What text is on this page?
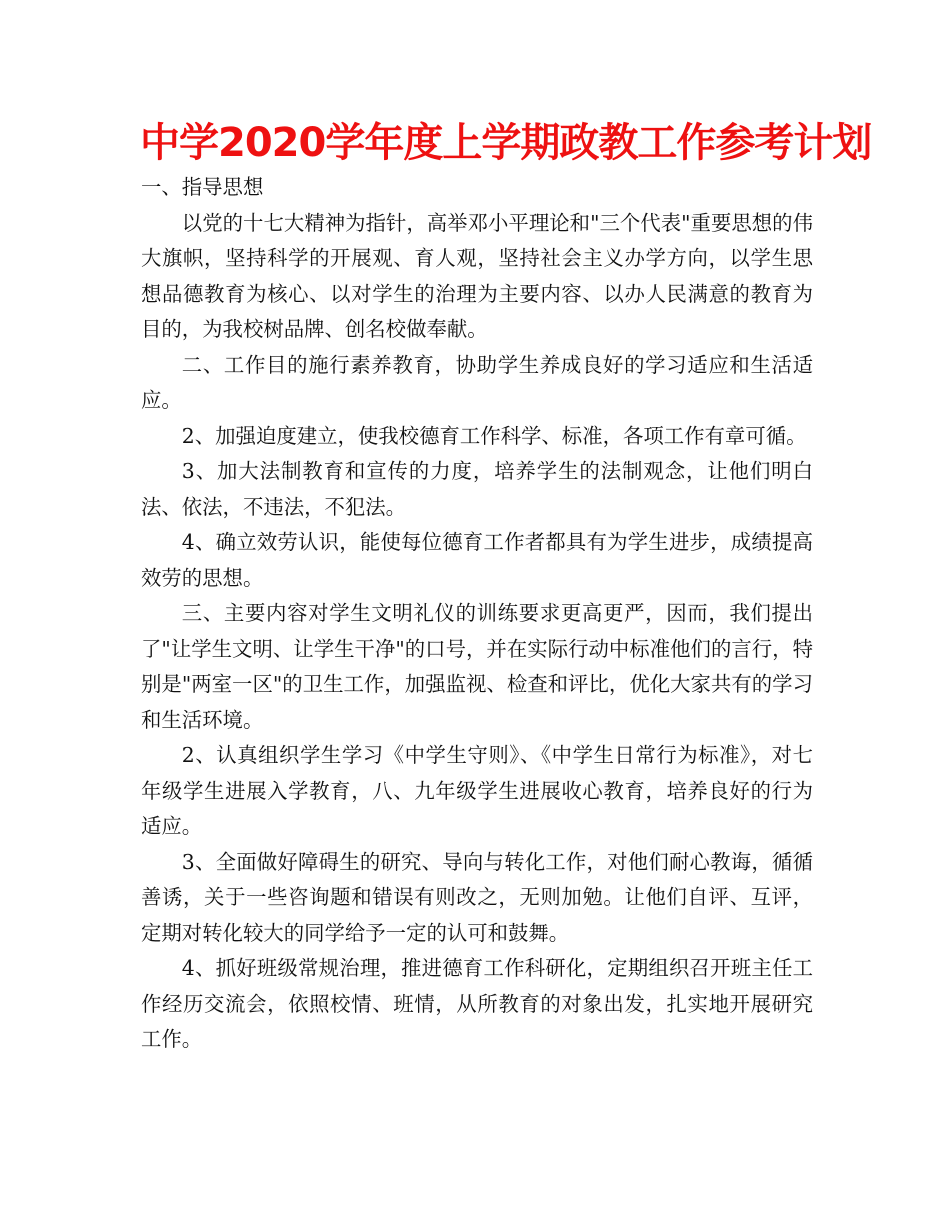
中学2020学年度上学期政教工作参考计划

一、指导思想

以党的十七大精神为指针，高举邓小平理论和"三个代表"重要思想的伟大旗帜，坚持科学的开展观、育人观，坚持社会主义办学方向，以学生思想品德教育为核心、以对学生的治理为主要内容、以办人民满意的教育为目的，为我校树品牌、创名校做奉献。

二、工作目的施行素养教育，协助学生养成良好的学习适应和生活适应。

2、加强迫度建立，使我校德育工作科学、标准，各项工作有章可循。

3、加大法制教育和宣传的力度，培养学生的法制观念，让他们明白法、依法，不违法，不犯法。

4、确立效劳认识，能使每位德育工作者都具有为学生进步，成绩提高效劳的思想。

三、主要内容对学生文明礼仪的训练要求更高更严，因而，我们提出了"让学生文明、让学生干净"的口号，并在实际行动中标准他们的言行，特别是"两室一区"的卫生工作，加强监视、检查和评比，优化大家共有的学习和生活环境。

2、认真组织学生学习《中学生守则》、《中学生日常行为标准》，对七年级学生进展入学教育，八、九年级学生进展收心教育，培养良好的行为适应。

3、全面做好障碍生的研究、导向与转化工作，对他们耐心教诲，循循善诱，关于一些咨询题和错误有则改之，无则加勉。让他们自评、互评，定期对转化较大的同学给予一定的认可和鼓舞。

4、抓好班级常规治理，推进德育工作科研化，定期组织召开班主任工作经历交流会，依照校情、班情，从所教育的对象出发，扎实地开展研究工作。
